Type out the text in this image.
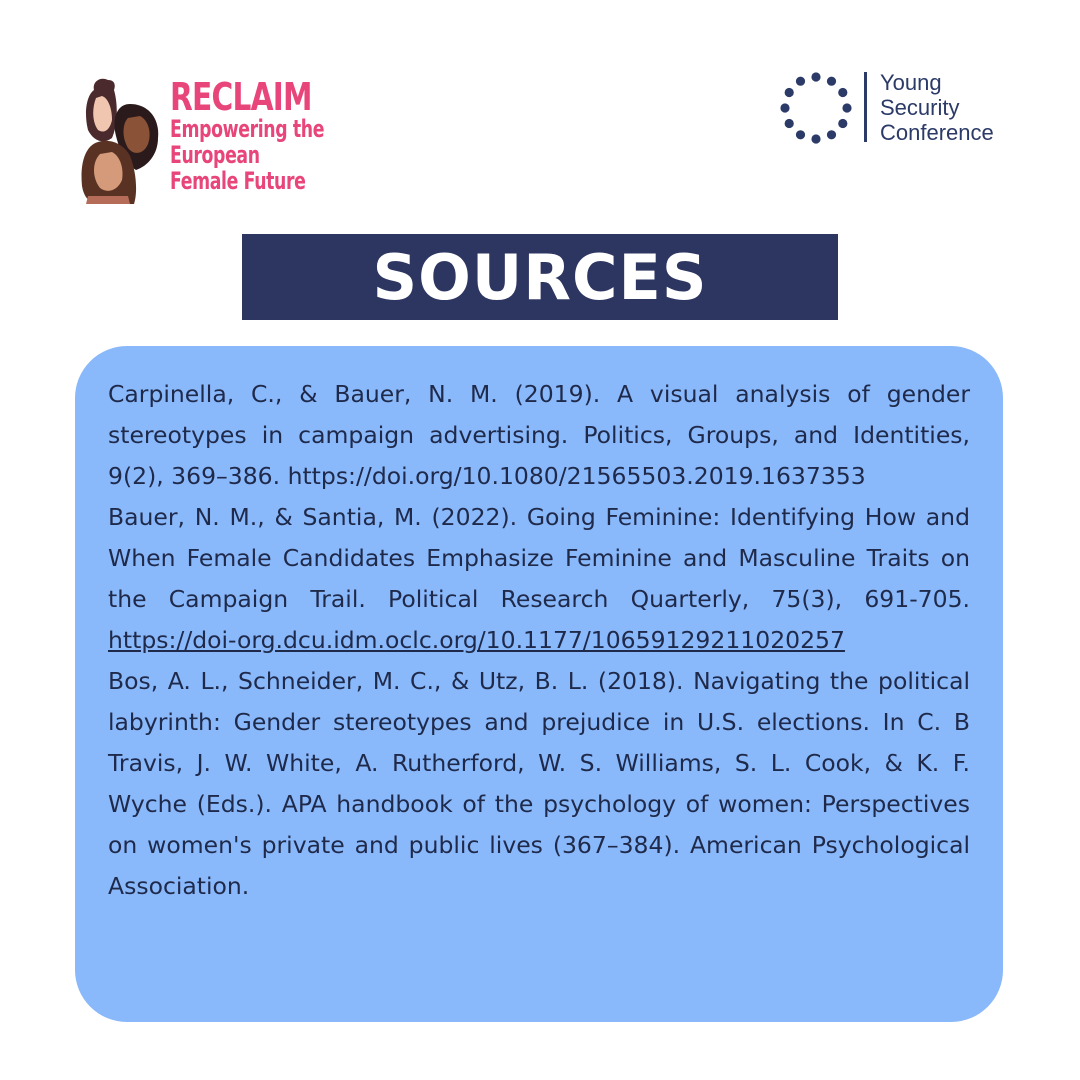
RECLAIM
Empowering the
European
Female Future
Young
Security
Conference
SOURCES

Carpinella, C., & Bauer, N. M. (2019). A visual analysis of gender stereotypes in campaign advertising. Politics, Groups, and Identities, 9(2), 369–386. https://doi.org/10.1080/21565503.2019.1637353

Bauer, N. M., & Santia, M. (2022). Going Feminine: Identifying How and When Female Candidates Emphasize Feminine and Masculine Traits on the Campaign Trail. Political Research Quarterly, 75(3), 691-705. https://doi-org.dcu.idm.oclc.org/10.1177/10659129211020257

Bos, A. L., Schneider, M. C., & Utz, B. L. (2018). Navigating the political labyrinth: Gender stereotypes and prejudice in U.S. elections. In C. B Travis, J. W. White, A. Rutherford, W. S. Williams, S. L. Cook, & K. F. Wyche (Eds.). APA handbook of the psychology of women: Perspectives on women's private and public lives (367–384). American Psychological Association.
